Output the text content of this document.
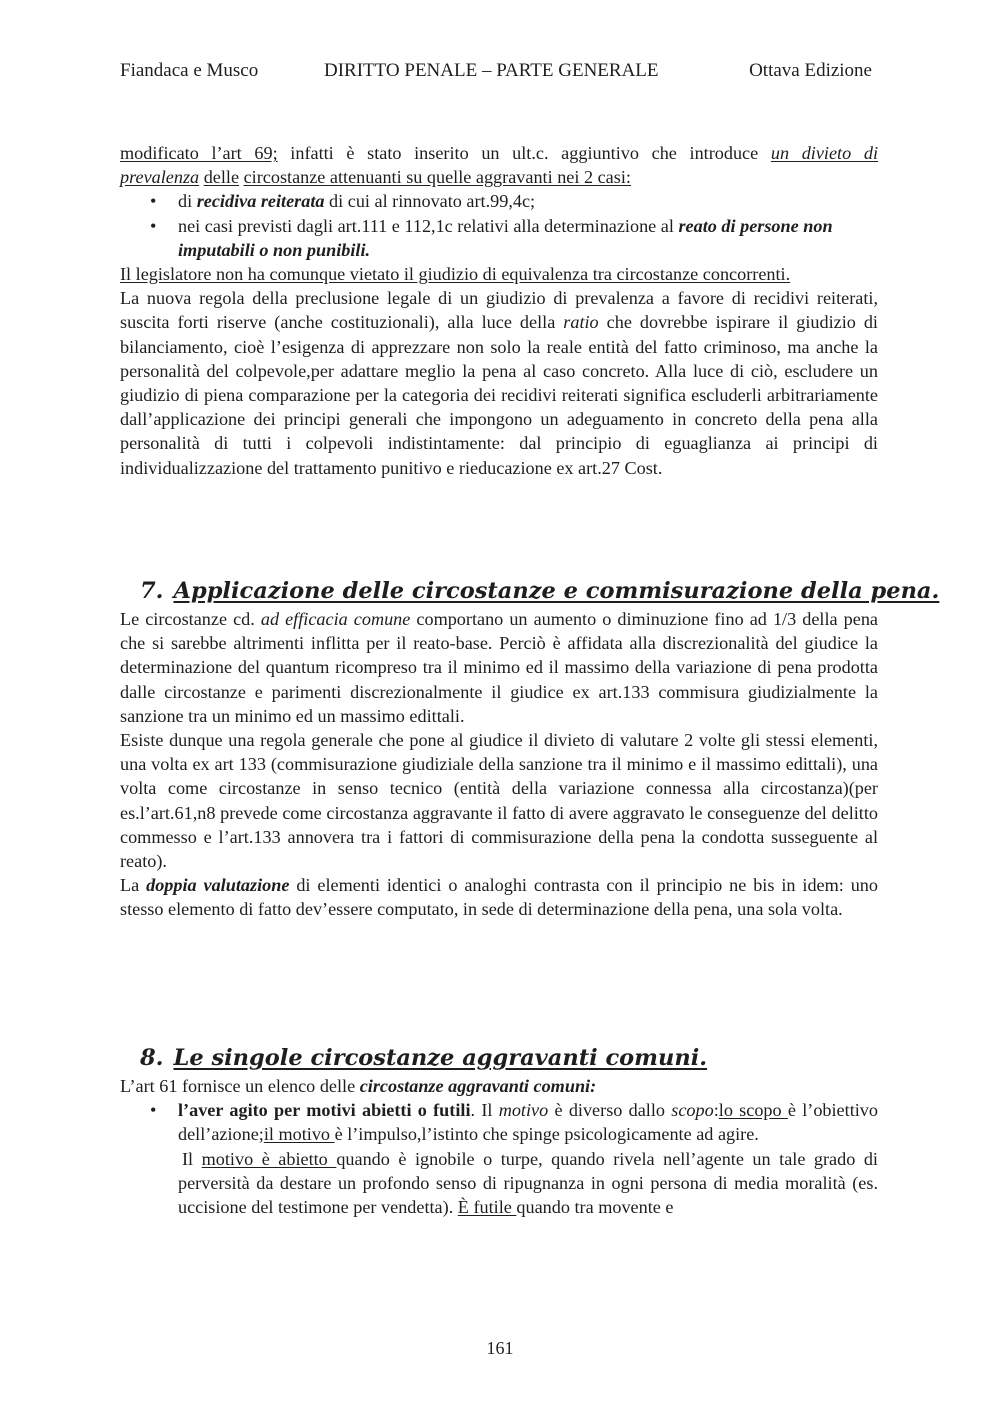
Fiandaca e Musco	DIRITTO PENALE – PARTE GENERALE	Ottava Edizione

modificato l’art 69; infatti è stato inserito un ult.c. aggiuntivo che introduce un divieto di

prevalenza delle circostanze attenuanti su quelle aggravanti nei 2 casi:

• di recidiva reiterata di cui al rinnovato art.99,4c;
• nei casi previsti dagli art.111 e 112,1c relativi alla determinazione al reato di persone non imputabili o non punibili.

Il legislatore non ha comunque vietato il giudizio di equivalenza tra circostanze concorrenti.

La nuova regola della preclusione legale di un giudizio di prevalenza a favore di recidivi reiterati, suscita forti riserve (anche costituzionali), alla luce della ratio che dovrebbe ispirare il giudizio di bilanciamento, cioè l’esigenza di apprezzare non solo la reale entità del fatto criminoso, ma anche la personalità del colpevole,per adattare meglio la pena al caso concreto. Alla luce di ciò, escludere un giudizio di piena comparazione per la categoria dei recidivi reiterati significa escluderli arbitrariamente dall’applicazione dei principi generali che impongono un adeguamento in concreto della pena alla personalità di tutti i colpevoli indistintamente: dal principio di eguaglianza ai principi di individualizzazione del trattamento punitivo e rieducazione ex art.27 Cost.

7. Applicazione delle circostanze e commisurazione della pena.

Le circostanze cd. ad efficacia comune comportano un aumento o diminuzione fino ad 1/3 della pena che si sarebbe altrimenti inflitta per il reato-base. Perciò è affidata alla discrezionalità del giudice la determinazione del quantum ricompreso tra il minimo ed il massimo della variazione di pena prodotta dalle circostanze e parimenti discrezionalmente il giudice ex art.133 commisura giudizialmente la sanzione tra un minimo ed un massimo edittali.

Esiste dunque una regola generale che pone al giudice il divieto di valutare 2 volte gli stessi elementi, una volta ex art 133 (commisurazione giudiziale della sanzione tra il minimo e il massimo edittali), una volta come circostanze in senso tecnico (entità della variazione connessa alla circostanza)(per es.l’art.61,n8 prevede come circostanza aggravante il fatto di avere aggravato le conseguenze del delitto commesso e l’art.133 annovera tra i fattori di commisurazione della pena la condotta susseguente al reato).

La doppia valutazione di elementi identici o analoghi contrasta con il principio ne bis in idem: uno stesso elemento di fatto dev’essere computato, in sede di determinazione della pena, una sola volta.

8. Le singole circostanze aggravanti comuni.

L’art 61 fornisce un elenco delle circostanze aggravanti comuni:

• l’aver agito per motivi abietti o futili. Il motivo è diverso dallo scopo:lo scopo è l’obiettivo dell’azione;il motivo è l’impulso,l’istinto che spinge psicologicamente ad agire.
Il motivo è abietto quando è ignobile o turpe, quando rivela nell’agente un tale grado di perversità da destare un profondo senso di ripugnanza in ogni persona di media moralità (es. uccisione del testimone per vendetta). È futile quando tra movente e
161
